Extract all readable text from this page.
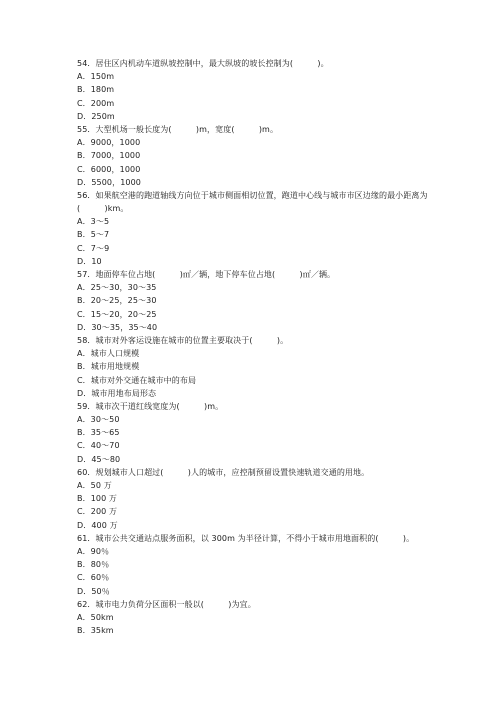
54．居住区内机动车道纵坡控制中，最大纵坡的坡长控制为(　　　)。
A．150m
B．180m
C．200m
D．250m
55．大型机场一般长度为(　　　)m，宽度(　　　)m。
A．9000，1000
B．7000，1000
C．6000，1000
D．5500，1000
56．如果航空港的跑道轴线方向位于城市侧面相切位置，跑道中心线与城市市区边缘的最小距离为(　　　)km。
A．3～5
B．5～7
C．7～9
D．10
57．地面停车位占地(　　　)㎡／辆，地下停车位占地(　　　)㎡／辆。
A．25～30，30～35
B．20～25，25～30
C．15～20，20～25
D．30～35，35～40
58．城市对外客运设施在城市的位置主要取决于(　　　)。
A．城市人口规模
B．城市用地规模
C．城市对外交通在城市中的布局
D．城市用地布局形态
59．城市次干道红线宽度为(　　　)m。
A．30～50
B．35～65
C．40～70
D．45～80
60．规划城市人口超过(　　　)人的城市，应控制预留设置快速轨道交通的用地。
A．50 万
B．100 万
C．200 万
D．400 万
61．城市公共交通站点服务面积，以 300m 为半径计算，不得小于城市用地面积的(　　　)。
A．90％
B．80％
C．60％
D．50％
62．城市电力负荷分区面积一般以(　　　)为宜。
A．50km
B．35km
